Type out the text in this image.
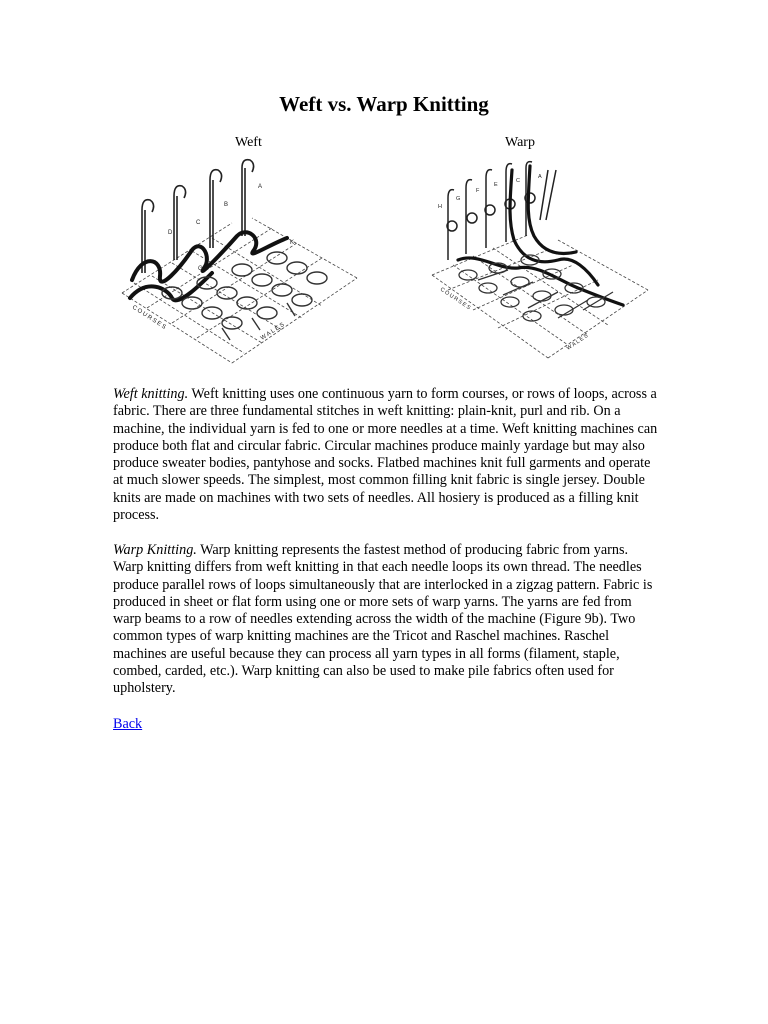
Weft vs. Warp Knitting
Weft	Warp
A
B
C
D
K
G
COURSES	WALES
H
G
F
E
C
A
COURSES
WALES

Weft knitting. Weft knitting uses one continuous yarn to form courses, or rows of loops, across a fabric. There are three fundamental stitches in weft knitting: plain-knit, purl and rib. On a machine, the individual yarn is fed to one or more needles at a time. Weft knitting machines can produce both flat and circular fabric. Circular machines produce mainly yardage but may also produce sweater bodies, pantyhose and socks. Flatbed machines knit full garments and operate at much slower speeds. The simplest, most common filling knit fabric is single jersey. Double knits are made on machines with two sets of needles. All hosiery is produced as a filling knit process.

Warp Knitting. Warp knitting represents the fastest method of producing fabric from yarns. Warp knitting differs from weft knitting in that each needle loops its own thread. The needles produce parallel rows of loops simultaneously that are interlocked in a zigzag pattern. Fabric is produced in sheet or flat form using one or more sets of warp yarns. The yarns are fed from warp beams to a row of needles extending across the width of the machine (Figure 9b). Two common types of warp knitting machines are the Tricot and Raschel machines. Raschel machines are useful because they can process all yarn types in all forms (filament, staple, combed, carded, etc.). Warp knitting can also be used to make pile fabrics often used for upholstery.

Back
